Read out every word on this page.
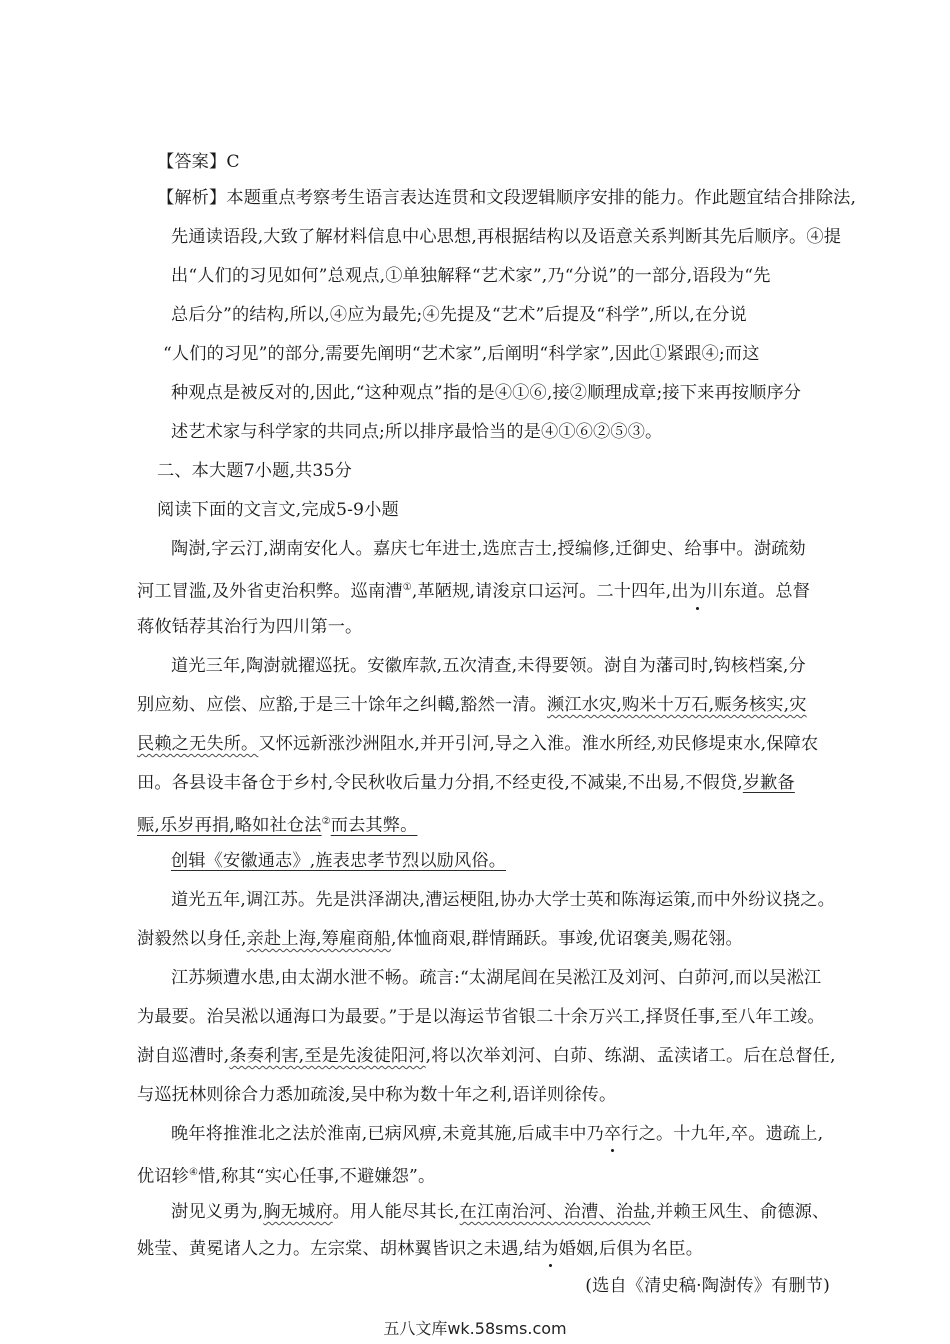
【答案】C
【解析】本题重点考察考生语言表达连贯和文段逻辑顺序安排的能力。作此题宜结合排除法,
先通读语段,大致了解材料信息中心思想,再根据结构以及语意关系判断其先后顺序。④提
出“人们的习见如何”总观点,①单独解释“艺术家”,乃“分说”的一部分,语段为“先
总后分”的结构,所以,④应为最先;④先提及“艺术”后提及“科学”,所以,在分说
“人们的习见”的部分,需要先阐明“艺术家”,后阐明“科学家”,因此①紧跟④;而这
种观点是被反对的,因此,“这种观点”指的是④①⑥,接②顺理成章;接下来再按顺序分
述艺术家与科学家的共同点;所以排序最恰当的是④①⑥②⑤③。
二、本大题7小题,共35分
阅读下面的文言文,完成5-9小题
陶澍,字云汀,湖南安化人。嘉庆七年进士,选庶吉士,授编修,迁御史、给事中。澍疏劾
河工冒滥,及外省吏治积弊。巡南漕①,革陋规,请浚京口运河。二十四年,出为川东道。总督
蒋攸铦荐其治行为四川第一。
道光三年,陶澍就擢巡抚。安徽库款,五次清查,未得要领。澍自为藩司时,钩核档案,分
别应劾、应偿、应豁,于是三十馀年之纠轕,豁然一清。濒江水灾,购米十万石,赈务核实,灾
民赖之无失所。又怀远新涨沙洲阻水,并开引河,导之入淮。淮水所经,劝民修堤束水,保障农
田。各县设丰备仓于乡村,令民秋收后量力分捐,不经吏役,不减粜,不出易,不假贷,岁歉备
赈,乐岁再捐,略如社仓法②而去其弊。
创辑《安徽通志》,旌表忠孝节烈以励风俗。
道光五年,调江苏。先是洪泽湖决,漕运梗阻,协办大学士英和陈海运策,而中外纷议挠之。
澍毅然以身任,亲赴上海,筹雇商船,体恤商艰,群情踊跃。事竣,优诏褒美,赐花翎。
江苏频遭水患,由太湖水泄不畅。疏言:“太湖尾闾在吴淞江及刘河、白茆河,而以吴淞江
为最要。治吴淞以通海口为最要。”于是以海运节省银二十余万兴工,择贤任事,至八年工竣。
澍自巡漕时,条奏利害,至是先浚徒阳河,将以次举刘河、白茆、练湖、孟渎诸工。后在总督任,
与巡抚林则徐合力悉加疏浚,吴中称为数十年之利,语详则徐传。
晚年将推淮北之法於淮南,已病风痹,未竟其施,后咸丰中乃卒行之。十九年,卒。遗疏上,
优诏轸④惜,称其“实心任事,不避嫌怨”。
澍见义勇为,胸无城府。用人能尽其长,在江南治河、治漕、治盐,并赖王风生、俞德源、
姚莹、黄冕诸人之力。左宗棠、胡林翼皆识之未遇,结为婚姻,后俱为名臣。
(选自《清史稿·陶澍传》有删节)
五八文库wk.58sms.com
